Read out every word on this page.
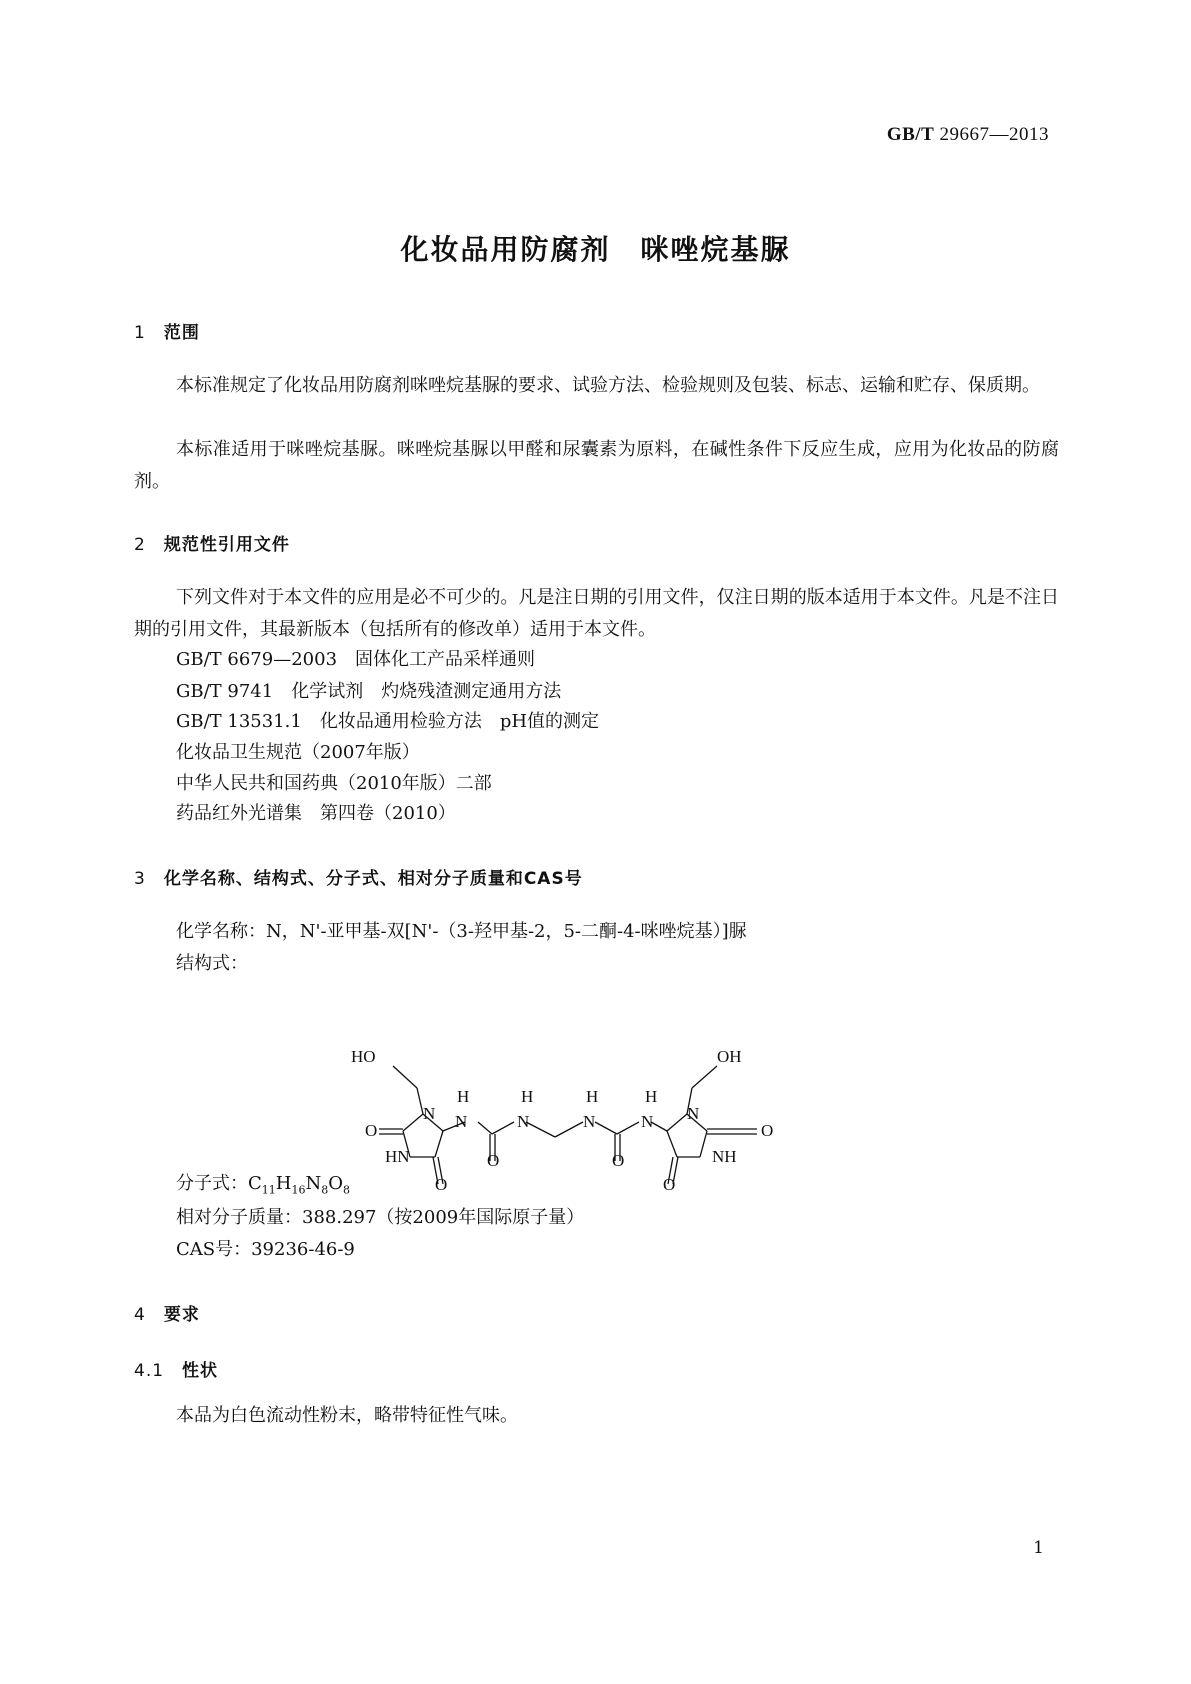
GB/T 29667—2013
化妆品用防腐剂　咪唑烷基脲
1 范围
本标准规定了化妆品用防腐剂咪唑烷基脲的要求、试验方法、检验规则及包装、标志、运输和贮存、保质期。
本标准适用于咪唑烷基脲。咪唑烷基脲以甲醛和尿囊素为原料，在碱性条件下反应生成，应用为化妆品的防腐剂。
2 规范性引用文件
下列文件对于本文件的应用是必不可少的。凡是注日期的引用文件，仅注日期的版本适用于本文件。凡是不注日期的引用文件，其最新版本（包括所有的修改单）适用于本文件。
GB/T 6679—2003　固体化工产品采样通则
GB/T 9741　化学试剂　灼烧残渣测定通用方法
GB/T 13531.1　化妆品通用检验方法　pH值的测定
化妆品卫生规范（2007年版）
中华人民共和国药典（2010年版）二部
药品红外光谱集　第四卷（2010）
3 化学名称、结构式、分子式、相对分子质量和CAS号
化学名称：N，N'-亚甲基-双[N'-（3-羟甲基-2，5-二酮-4-咪唑烷基）]脲
结构式：
HO	OH
N	N
O	O
HN	NH
O	O
H
N
O
H
N
H
N
O
H
N
分子式：$C_{11}H_{16}N_8O_8$
相对分子质量：388.297（按2009年国际原子量）
CAS号：39236-46-9
4 要求
4.1 性状
本品为白色流动性粉末，略带特征性气味。
1
